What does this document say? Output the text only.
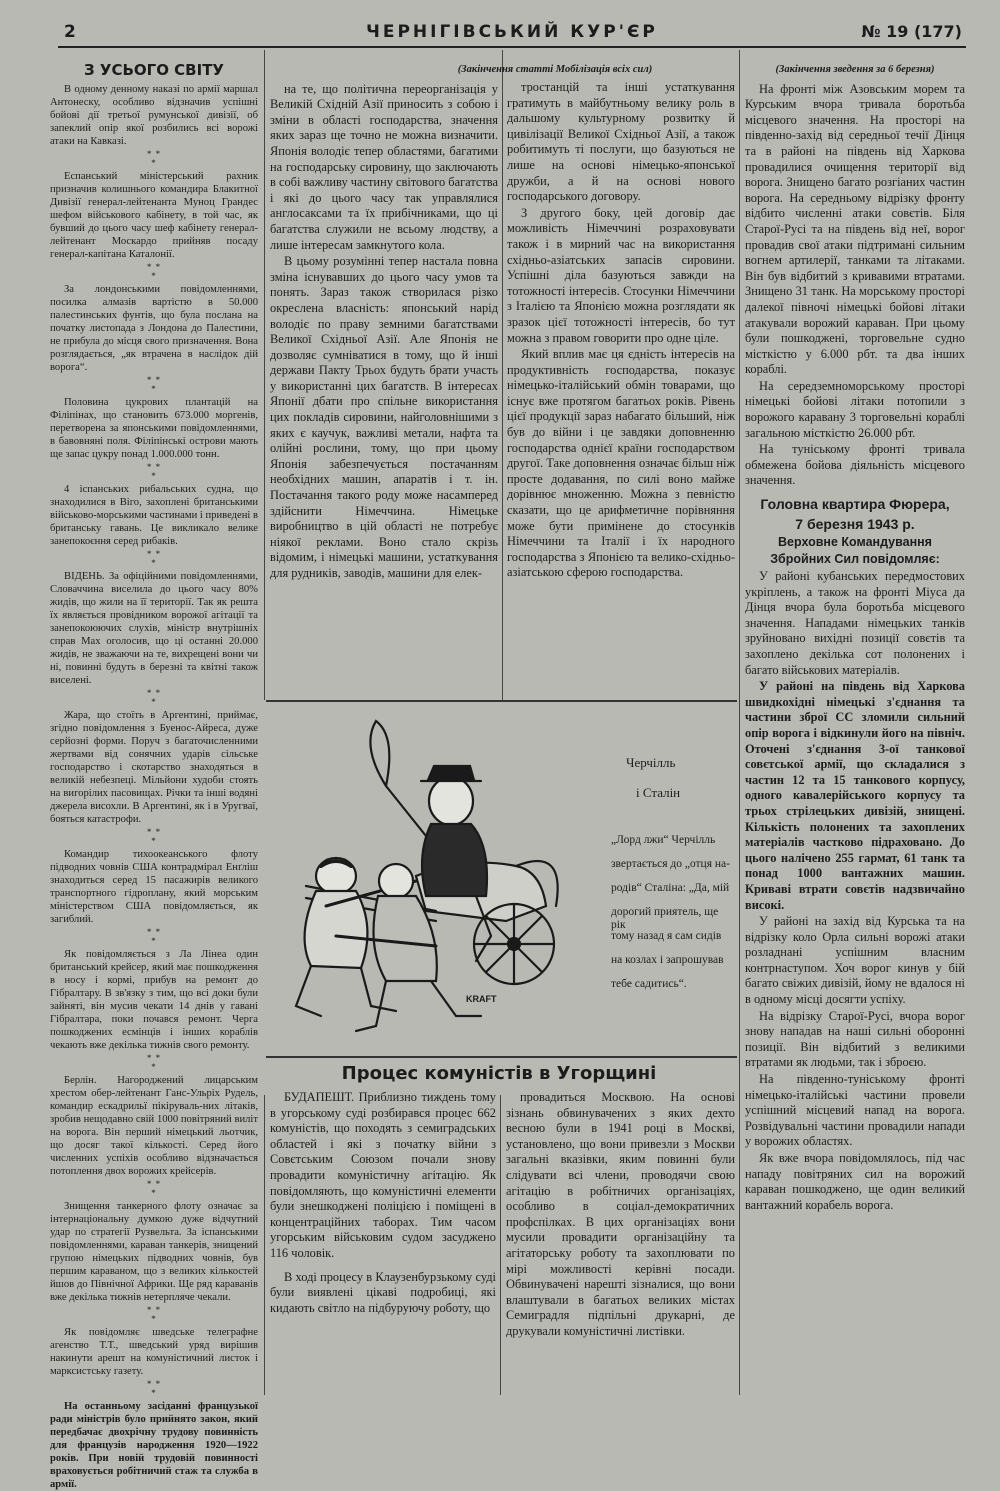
2	ЧЕРНІГІВСЬКИЙ КУР'ЄР	№ 19 (177)
З УСЬОГО СВІТУ

В одному денному наказі по армії маршал Антонеску, особливо відзначив успішні бойові дії третьої румунської дивізії, об запеклий опір якої розбились всі ворожі атаки на Кавказі.

* *
*

Еспанський міністерський рахник призначив колишнього командира Блакитної Дивізії генерал-лейтенанта Муноц Грандес шефом військового кабінету, в той час, як бувший до цього часу шеф кабінету генерал-лейтенант Москардо прийняв посаду генерал-капітана Каталонії.

* *
*

За лондонськими повідомленнями, посилка алмазів вартістю в 50.000 палестинських фунтів, що була послана на початку листопада з Лондона до Палестини, не прибула до місця свого призначення. Вона розглядається, „як втрачена в наслідок дій ворога“.

* *
*

Половина цукрових плантацій на Філіпінах, що становить 673.000 моргенів, перетворена за японськими повідомленнями, в бавовняні поля. Філіпінські острови мають ще запас цукру понад 1.000.000 тонн.

* *
*

4 іспанських рибальських судна, що знаходилися в Віго, захоплені британськими військово-морськими частинами і приведені в британську гавань. Це викликало велике занепокоєння серед рибаків.

* *
*

ВІДЕНЬ. За офіційними повідомленнями, Словаччина виселила до цього часу 80% жидів, що жили на її території. Так як решта їх являється провідником ворожої агітації та занепокоюючих слухів, міністр внутрішніх справ Мах оголосив, що ці останні 20.000 жидів, не зважаючи на те, вихрещені вони чи ні, повинні будуть в березні та квітні також виселені.

* *
*

Жара, що стоїть в Аргентині, приймає, згідно повідомлення з Буенос-Айреса, дуже серйозні форми. Поруч з багаточисленними жертвами від сонячних ударів сільське господарство і скотарство знаходяться в великій небезпеці. Мільйони худоби стоять на вигорілих пасовищах. Річки та інші водяні джерела висохли. В Аргентині, як і в Уругваї, бояться катастрофи.

* *
*

Командир тихоокеанського флоту підводних човнів США контрадмірал Енґліш знаходиться серед 15 пасажирів великого транспортного гідроплану, який морським міністерством США повідомляється, як загиблий.

* *
*

Як повідомляється з Ла Лінеа один британський крейсер, який має пошкодження в носу і кормі, прибув на ремонт до Гібралтару. В зв'язку з тим, що всі доки були зайняті, він мусив чекати 14 днів у гавані Гібралтара, поки почався ремонт. Черга пошкоджених есмінців і інших кораблів чекають вже декілька тижнів свого ремонту.

* *
*

Берлін. Нагороджений лицарським хрестом обер-лейтенант Ганс-Ульріх Рудель, командир ескадрильї пікіруваль-них літаків, зробив нещодавно свій 1000 повітряний виліт на ворога. Він перший німецький льотчик, що досяг такої кількості. Серед його численних успіхів особливо відзначається потоплення двох ворожих крейсерів.

* *
*

Знищення танкерного флоту означає за інтернаціональну думкою дуже відчутний удар по стратегії Рузвельта. За іспанськими повідомленнями, караван танкерів, знищений групою німецьких підводних човнів, був першим караваном, що з великих кількостей йшов до Північної Африки. Ще ряд караванів вже декілька тижнів нетерпляче чекали.

* *
*

Як повідомляє шведське телеграфне агенство Т.Т., шведський уряд вирішив накинути арешт на комуністичний листок і марксистську газету.

* *
*

На останньому засіданні французької ради міністрів було прийнято закон, який передбачає двохрічну трудову повинність для французів народження 1920—1922 років. При новій трудовій повинності враховується робітничий стаж та служба в армії.

(Закінчення статті Мобілізація всіх сил)

на те, що політична переорганізація у Великій Східній Азії приносить з собою і зміни в області господарства, значення яких зараз ще точно не можна визначити. Японія володіє тепер областями, багатими на господарську сировину, що заключають в собі важливу частину світового багатства і які до цього часу так управлялися англосаксами та їх прибічниками, що ці багатства служили не всьому людству, а лише інтересам замкнутого кола.

В цьому розумінні тепер настала повна зміна існувавших до цього часу умов та понять. Зараз також створилася різко окреслена власність: японський нарід володіє по праву земними багатствами Великої Східньої Азії. Але Японія не дозволяє сумніватися в тому, що й інші держави Пакту Трьох будуть брати участь у використанні цих багатств. В інтересах Японії дбати про спільне використання цих покладів сировини, найголовнішими з яких є каучук, важливі метали, нафта та олійні рослини, тому, що при цьому Японія забезпечується постачанням необхідних машин, апаратів і т. ін. Постачання такого роду може насамперед здійснити Німеччина. Німецьке виробництво в цій області не потребує ніякої реклами. Воно стало скрізь відомим, і німецькі машини, устаткування для рудників, заводів, машини для елек-

тростанцій та інші устаткування гратимуть в майбутньому велику роль в дальшому культурному розвитку й цивілізації Великої Східньої Азії, а також робитимуть ті послуги, що базуються не лише на основі німецько-японської дружби, а й на основі нового господарського договору.

З другого боку, цей договір дає можливість Німеччині розраховувати також і в мирний час на використання східньо-азіатських запасів сировини. Успішні діла базуються завжди на тотожності інтересів. Стосунки Німеччини з Італією та Японією можна розглядати як зразок цієї тотожності інтересів, бо тут можна з правом говорити про одне ціле.

Який вплив має ця єдність інтересів на продуктивність господарства, показує німецько-італійський обмін товарами, що існує вже протягом багатьох років. Рівень цієї продукції зараз набагато більший, ніж був до війни і це завдяки доповненню господарства однієї країни господарством другої. Таке доповнення означає більш ніж просте додавання, по силі воно майже дорівнює множенню. Можна з певністю сказати, що це арифметичне порівняння може бути примінене до стосунків Німеччини та Італії і їх народного господарства з Японією та велико-східньо-азіатською сферою господарства.

KRAFT
Черчілль
і Сталін
„Лорд лжи“ Черчілль
звертається до „отця на-
родів“ Сталіна: „Да, мій
дорогий приятель, ще рік
тому назад я сам сидів
на козлах і запрошував
тебе садитись“.
Процес комуністів в Угорщині

БУДАПЕШТ. Приблизно тиждень тому в угорському суді розбирався процес 662 комуністів, що походять з семиградських областей і які з початку війни з Совєтським Союзом почали знову провадити комуністичну агітацію. Як повідомляють, що комуністичні елементи були знешкоджені поліцією і поміщені в концентраційних таборах. Тим часом угорським військовим судом засуджено 116 чоловік.

В ході процесу в Клаузенбурзькому суді були виявлені цікаві подробиці, які кидають світло на підбуруючу роботу, що

провадиться Москвою. На основі зізнань обвинувачених з яких дехто весною були в 1941 році в Москві, установлено, що вони привезли з Москви загальні вказівки, яким повинні були слідувати всі члени, проводячи свою агітацію в робітничих організаціях, особливо в соціал-демократичних профспілках. В цих організаціях вони мусили провадити організаційну та агітаторську роботу та захоплювати по мірі можливості керівні посади. Обвинувачені нарешті зізналися, що вони влаштували в багатьох великих містах Семиградля підпільні друкарні, де друкували комуністичні листівки.

(Закінчення зведення за 6 березня)

На фронті між Азовським морем та Курським вчора тривала боротьба місцевого значення. На просторі на південно-захід від середньої течії Дінця та в районі на південь від Харкова провадилися очищення території від ворога. Знищено багато розгіаних частин ворога. На середньому відрізку фронту відбито численні атаки совєтів. Біля Старої-Русі та на південь від неї, ворог провадив свої атаки підтримані сильним вогнем артилерії, танками та літаками. Він був відбитий з кривавими втратами. Знищено 31 танк. На морському просторі далекої півночі німецькі бойові літаки атакували ворожий караван. При цьому були пошкоджені, торговельне судно місткістю у 6.000 рбт. та два інших кораблі.

На середземноморському просторі німецькі бойові літаки потопили з ворожого каравану 3 торговельні кораблі загальною місткістю 26.000 рбт.

На туніському фронті тривала обмежена бойова діяльність місцевого значення.

Головна квартира Фюрера,
7 березня 1943 р.
Верховне Командування
Збройних Сил повідомляє:

У районі кубанських передмостових укріплень, а також на фронті Міуса да Дінця вчора була боротьба місцевого значення. Нападами німецьких танків зруйновано вихідні позиції совєтів та захоплено декілька сот полонених і багато військових матеріалів.

У районі на південь від Харкова швидкохідні німецькі з'єднання та частини зброї СС зломили сильний опір ворога і відкинули його на північ. Оточені з'єднання 3-ої танкової совєтської армії, що складалися з частин 12 та 15 танкового корпусу, одного кавалерійського корпусу та трьох стрілецьких дивізій, знищені. Кількість полонених та захоплених матеріалів частково підраховано. До цього налічено 255 гармат, 61 танк та понад 1000 вантажних машин. Криваві втрати совєтів надзвичайно високі.

У районі на захід від Курська та на відрізку коло Орла сильні ворожі атаки розладнані успішним власним контрнаступом. Хоч ворог кинув у бій багато свіжих дивізій, йому не вдалося ні в одному місці досягти успіху.

На відрізку Старої-Русі, вчора ворог знову нападав на наші сильні оборонні позиції. Він відбитий з великими втратами як людьми, так і зброєю.

На південно-туніському фронті німецько-італійські частини провели успішний місцевий напад на ворога. Розвідувальні частини провадили напади у ворожих областях.

Як вже вчора повідомлялось, під час нападу повітряних сил на ворожий караван пошкоджено, ще один великий вантажний корабель ворога.
